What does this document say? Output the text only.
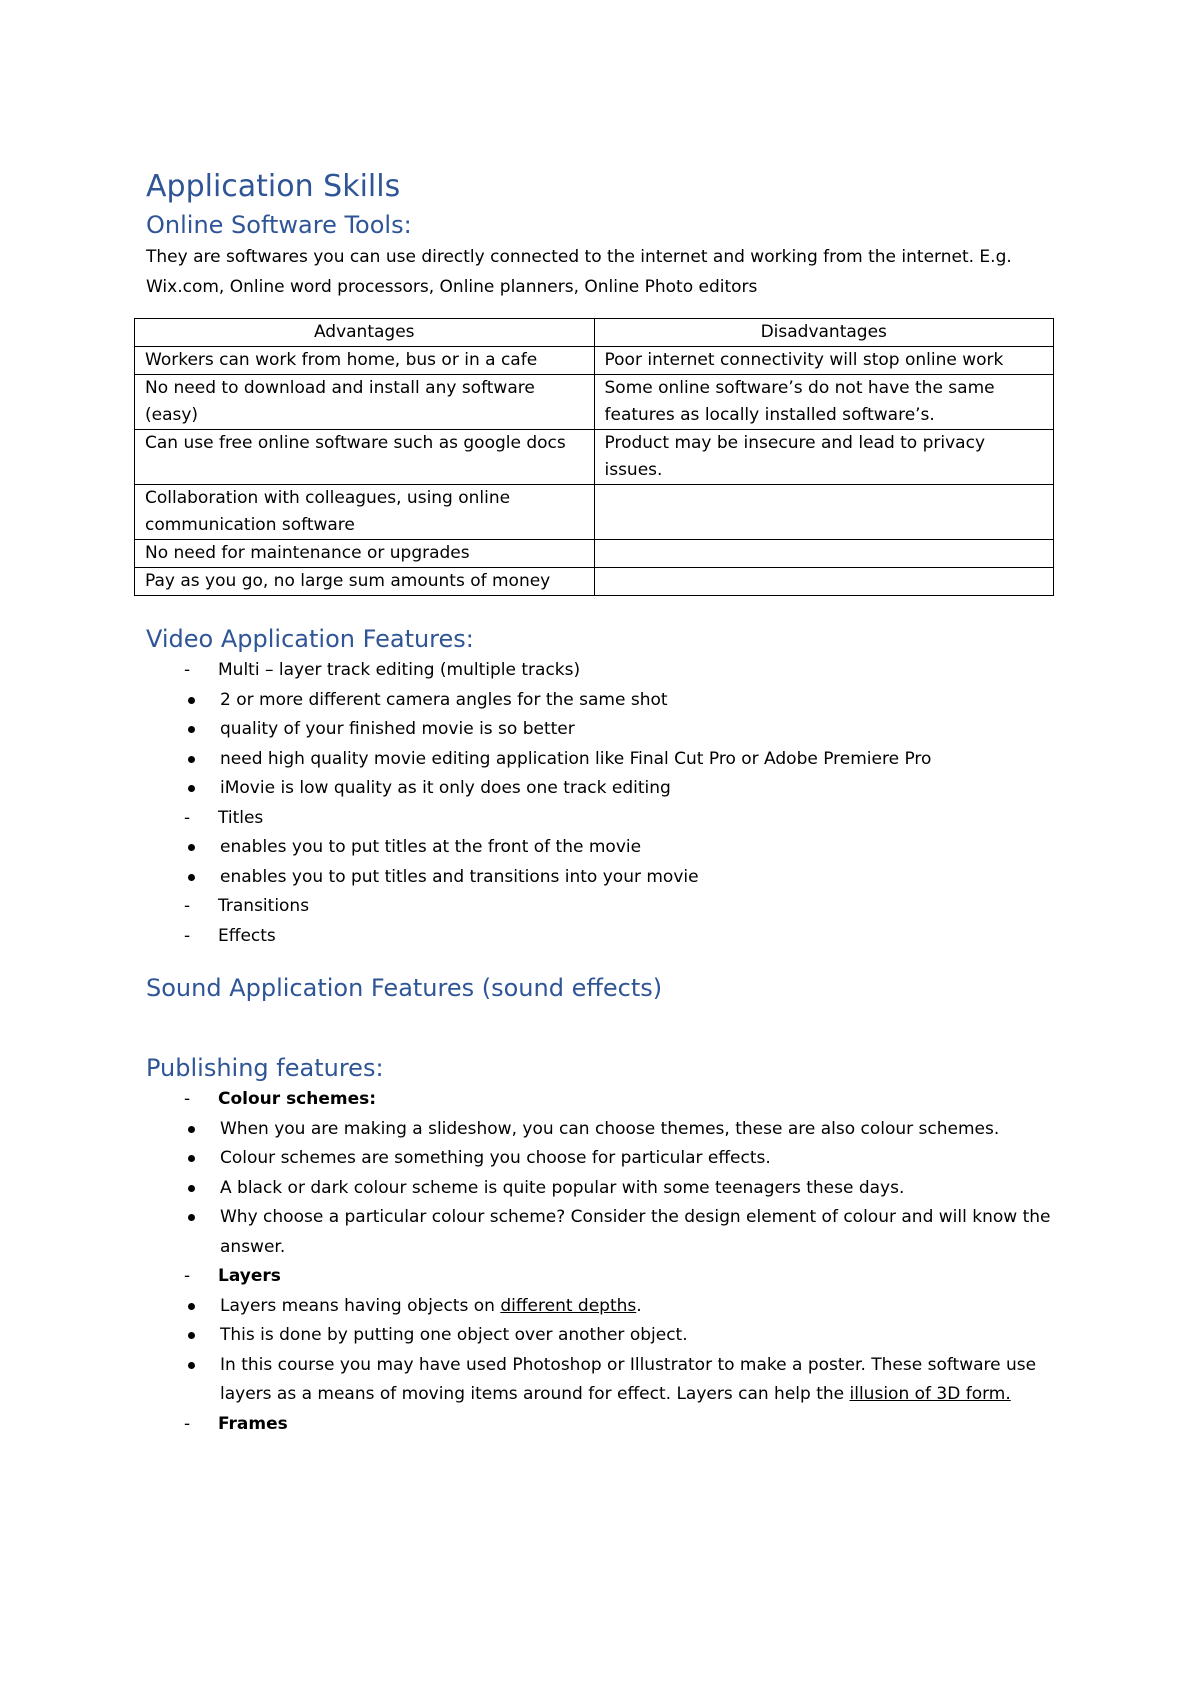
Application Skills
Online Software Tools:

They are softwares you can use directly connected to the internet and working from the internet. E.g. Wix.com, Online word processors, Online planners, Online Photo editors

Advantages	Disadvantages
Workers can work from home, bus or in a cafe	Poor internet connectivity will stop online work
No need to download and install any software (easy)	Some online software’s do not have the same features as locally installed software’s.
Can use free online software such as google docs	Product may be insecure and lead to privacy issues.
Collaboration with colleagues, using online communication software	
No need for maintenance or upgrades	
Pay as you go, no large sum amounts of money	
Video Application Features:
- Multi – layer track editing (multiple tracks)
2 or more different camera angles for the same shot
quality of your finished movie is so better
need high quality movie editing application like Final Cut Pro or Adobe Premiere Pro
iMovie is low quality as it only does one track editing
- Titles
enables you to put titles at the front of the movie
enables you to put titles and transitions into your movie
- Transitions
- Effects
Sound Application Features (sound effects)
Publishing features:
- Colour schemes:
When you are making a slideshow, you can choose themes, these are also colour schemes.
Colour schemes are something you choose for particular effects.
A black or dark colour scheme is quite popular with some teenagers these days.
Why choose a particular colour scheme? Consider the design element of colour and will know the answer.
- Layers
Layers means having objects on different depths.
This is done by putting one object over another object.
In this course you may have used Photoshop or Illustrator to make a poster. These software use layers as a means of moving items around for effect. Layers can help the illusion of 3D form.
- Frames
